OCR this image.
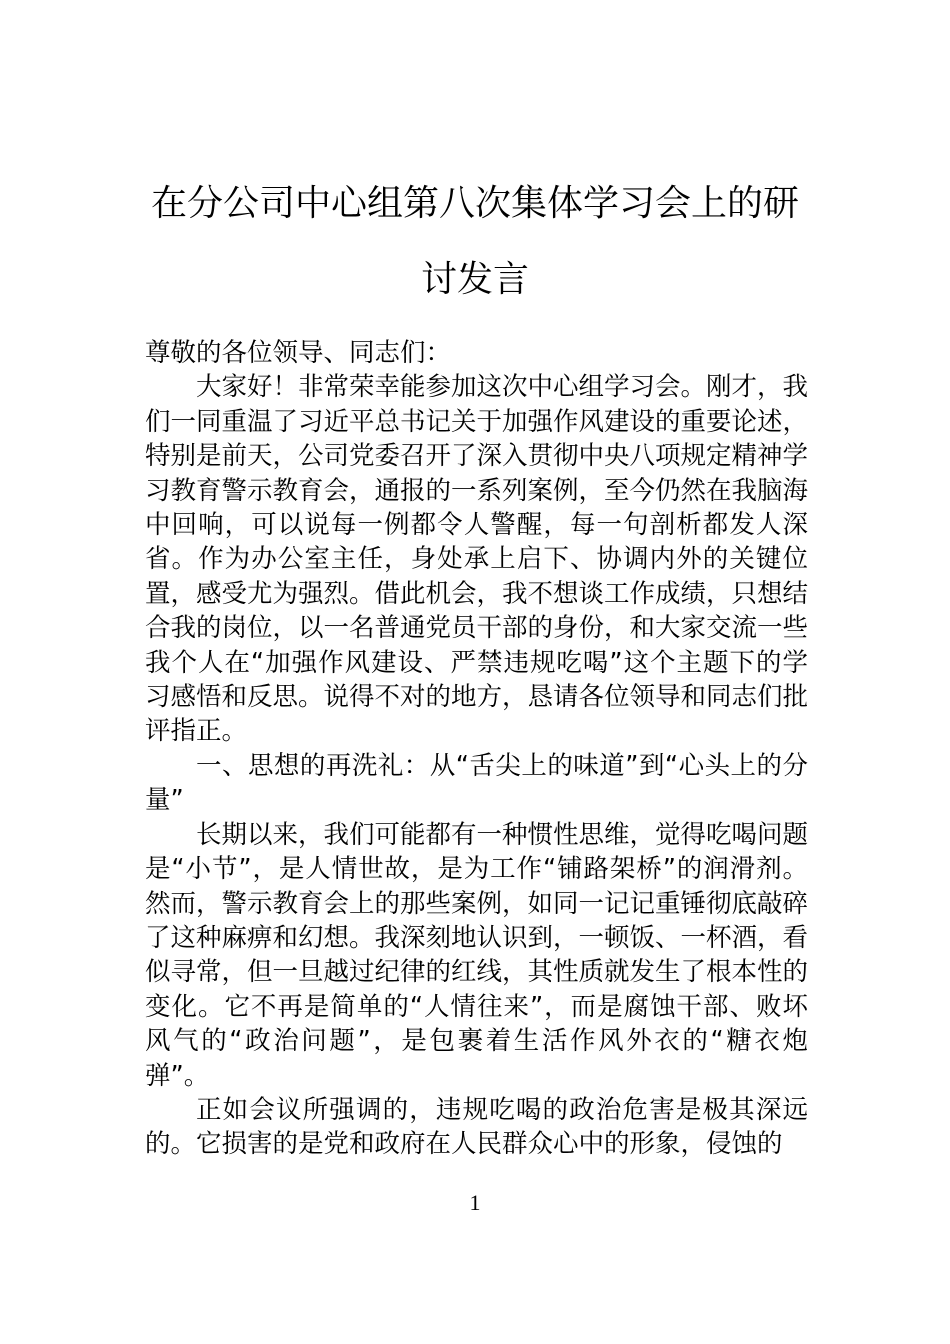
在分公司中心组第八次集体学习会上的研
讨发言

尊敬的各位领导、同志们：

大家好！非常荣幸能参加这次中心组学习会。刚才，我们一同重温了习近平总书记关于加强作风建设的重要论述，特别是前天，公司党委召开了深入贯彻中央八项规定精神学习教育警示教育会，通报的一系列案例，至今仍然在我脑海中回响，可以说每一例都令人警醒，每一句剖析都发人深省。作为办公室主任，身处承上启下、协调内外的关键位置，感受尤为强烈。借此机会，我不想谈工作成绩，只想结合我的岗位，以一名普通党员干部的身份，和大家交流一些我个人在“加强作风建设、严禁违规吃喝”这个主题下的学习感悟和反思。说得不对的地方，恳请各位领导和同志们批评指正。

一、思想的再洗礼：从“舌尖上的味道”到“心头上的分量”

长期以来，我们可能都有一种惯性思维，觉得吃喝问题是“小节”，是人情世故，是为工作“铺路架桥”的润滑剂。然而，警示教育会上的那些案例，如同一记记重锤彻底敲碎了这种麻痹和幻想。我深刻地认识到，一顿饭、一杯酒，看似寻常，但一旦越过纪律的红线，其性质就发生了根本性的变化。它不再是简单的“人情往来”，而是腐蚀干部、败坏风气的“政治问题”，是包裹着生活作风外衣的“糖衣炮弹”。

正如会议所强调的，违规吃喝的政治危害是极其深远的。它损害的是党和政府在人民群众心中的形象，侵蚀的

1
